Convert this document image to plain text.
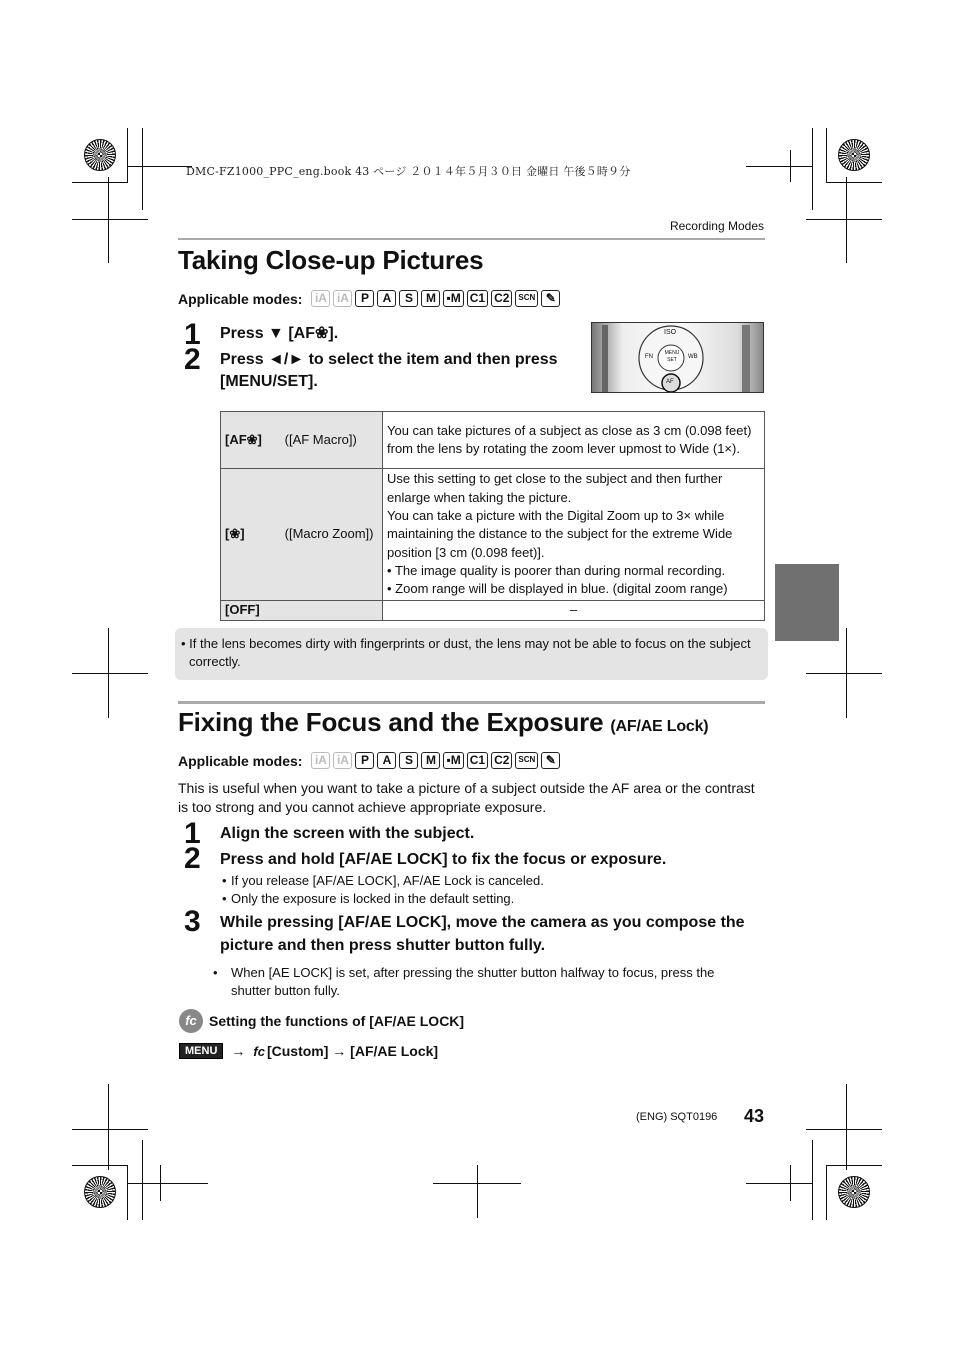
DMC-FZ1000_PPC_eng.book 43 ページ ２０１４年５月３０日 金曜日 午後５時９分
Recording Modes
Taking Close-up Pictures
Applicable modes: iA iA P	A	S	M ▪M C1 C2	SCN ✎
1 Press ▼ [AF❀].
2 Press ◄/► to select the item and then press [MENU/SET].
ISO
FN
MENU SET	WB
AF
[AF❀] ([AF Macro])	You can take pictures of a subject as close as 3 cm (0.098 feet) from the lens by rotating the zoom lever upmost to Wide (1×).

[❀] ([Macro Zoom])	Use this setting to get close to the subject and then further enlarge when taking the picture.
You can take a picture with the Digital Zoom up to 3× while maintaining the distance to the subject for the extreme Wide position [3 cm (0.098 feet)].
• The image quality is poorer than during normal recording.
• Zoom range will be displayed in blue. (digital zoom range)

[OFF]	–
• If the lens becomes dirty with fingerprints or dust, the lens may not be able to focus on the subject correctly.
Fixing the Focus and the Exposure (AF/AE Lock)
Applicable modes: iA iA P	A	S	M ▪M C1 C2	SCN ✎
This is useful when you want to take a picture of a subject outside the AF area or the contrast is too strong and you cannot achieve appropriate exposure.
1 Align the screen with the subject.
2 Press and hold [AF/AE LOCK] to fix the focus or exposure.
• If you release [AF/AE LOCK], AF/AE Lock is canceled.
• Only the exposure is locked in the default setting.
3 While pressing [AF/AE LOCK], move the camera as you compose the picture and then press shutter button fully.
• When [AE LOCK] is set, after pressing the shutter button halfway to focus, press the shutter button fully.
fc Setting the functions of [AF/AE LOCK]
MENU	→ fc [Custom] → [AF/AE Lock]
(ENG) SQT0196 43
